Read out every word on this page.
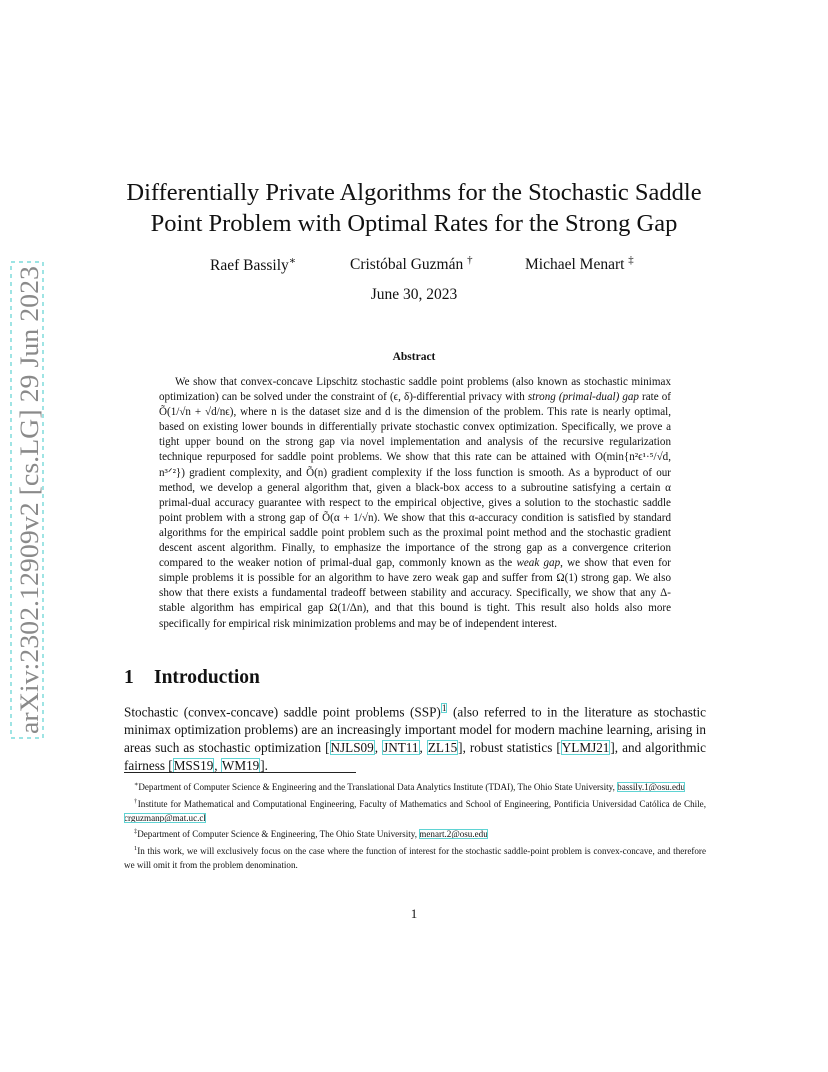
arXiv:2302.12909v2 [cs.LG] 29 Jun 2023
Differentially Private Algorithms for the Stochastic Saddle
Point Problem with Optimal Rates for the Strong Gap
Raef Bassily∗	Cristóbal Guzmán †	Michael Menart ‡
June 30, 2023
Abstract

We show that convex-concave Lipschitz stochastic saddle point problems (also known as stochastic minimax optimization) can be solved under the constraint of (ϵ, δ)-differential privacy with strong (primal-dual) gap rate of Õ(1/√n + √d/nϵ), where n is the dataset size and d is the dimension of the problem. This rate is nearly optimal, based on existing lower bounds in differentially private stochastic convex optimization. Specifically, we prove a tight upper bound on the strong gap via novel implementation and analysis of the recursive regularization technique repurposed for saddle point problems. We show that this rate can be attained with O(min{n²ϵ¹·⁵/√d, n³ᐟ²}) gradient complexity, and Õ(n) gradient complexity if the loss function is smooth. As a byproduct of our method, we develop a general algorithm that, given a black-box access to a subroutine satisfying a certain α primal-dual accuracy guarantee with respect to the empirical objective, gives a solution to the stochastic saddle point problem with a strong gap of Õ(α + 1/√n). We show that this α-accuracy condition is satisfied by standard algorithms for the empirical saddle point problem such as the proximal point method and the stochastic gradient descent ascent algorithm. Finally, to emphasize the importance of the strong gap as a convergence criterion compared to the weaker notion of primal-dual gap, commonly known as the weak gap, we show that even for simple problems it is possible for an algorithm to have zero weak gap and suffer from Ω(1) strong gap. We also show that there exists a fundamental tradeoff between stability and accuracy. Specifically, we show that any Δ-stable algorithm has empirical gap Ω(1/Δn), and that this bound is tight. This result also holds also more specifically for empirical risk minimization problems and may be of independent interest.

1 Introduction

Stochastic (convex-concave) saddle point problems (SSP)$^1$ (also referred to in the literature as stochastic minimax optimization problems) are an increasingly important model for modern machine learning, arising in areas such as stochastic optimization [NJLS09, JNT11, ZL15], robust statistics [YLMJ21], and algorithmic fairness [MSS19, WM19].

∗Department of Computer Science & Engineering and the Translational Data Analytics Institute (TDAI), The Ohio State University, bassily.1@osu.edu

†Institute for Mathematical and Computational Engineering, Faculty of Mathematics and School of Engineering, Pontificia Universidad Católica de Chile, crguzmanp@mat.uc.cl

‡Department of Computer Science & Engineering, The Ohio State University, menart.2@osu.edu

$^1$In this work, we will exclusively focus on the case where the function of interest for the stochastic saddle-point problem is convex-concave, and therefore we will omit it from the problem denomination.

1
